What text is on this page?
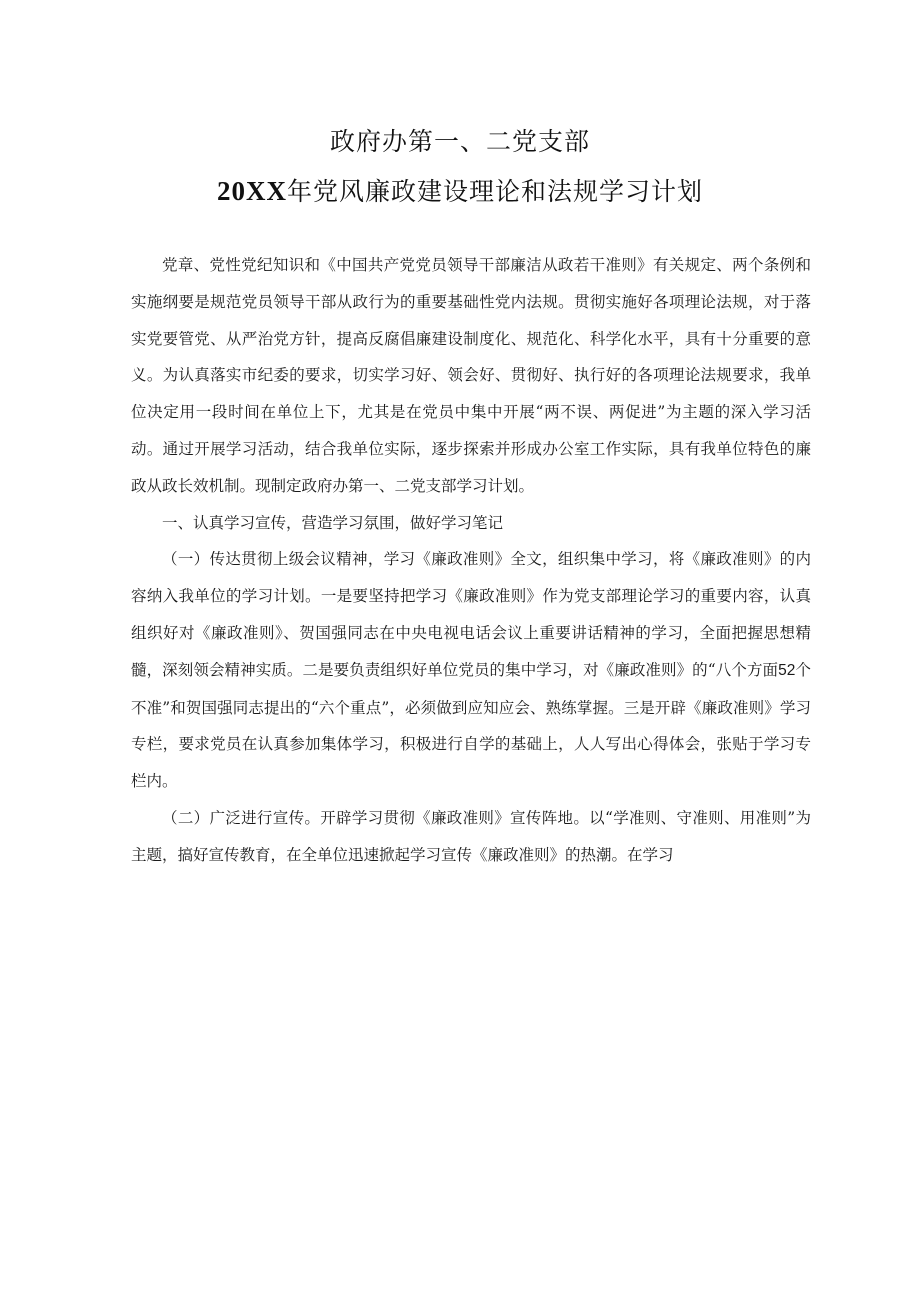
政府办第一、二党支部
20XX年党风廉政建设理论和法规学习计划

党章、党性党纪知识和《中国共产党党员领导干部廉洁从政若干准则》有关规定、两个条例和实施纲要是规范党员领导干部从政行为的重要基础性党内法规。贯彻实施好各项理论法规，对于落实党要管党、从严治党方针，提高反腐倡廉建设制度化、规范化、科学化水平，具有十分重要的意义。为认真落实市纪委的要求，切实学习好、领会好、贯彻好、执行好的各项理论法规要求，我单位决定用一段时间在单位上下，尤其是在党员中集中开展“两不误、两促进”为主题的深入学习活动。通过开展学习活动，结合我单位实际，逐步探索并形成办公室工作实际，具有我单位特色的廉政从政长效机制。现制定政府办第一、二党支部学习计划。

一、认真学习宣传，营造学习氛围，做好学习笔记

（一）传达贯彻上级会议精神，学习《廉政准则》全文，组织集中学习，将《廉政准则》的内容纳入我单位的学习计划。一是要坚持把学习《廉政准则》作为党支部理论学习的重要内容，认真组织好对《廉政准则》、贺国强同志在中央电视电话会议上重要讲话精神的学习，全面把握思想精髓，深刻领会精神实质。二是要负责组织好单位党员的集中学习，对《廉政准则》的“八个方面52个不准”和贺国强同志提出的“六个重点”，必须做到应知应会、熟练掌握。三是开辟《廉政准则》学习专栏，要求党员在认真参加集体学习，积极进行自学的基础上，人人写出心得体会，张贴于学习专栏内。

（二）广泛进行宣传。开辟学习贯彻《廉政准则》宣传阵地。以“学准则、守准则、用准则”为主题，搞好宣传教育，在全单位迅速掀起学习宣传《廉政准则》的热潮。在学习
